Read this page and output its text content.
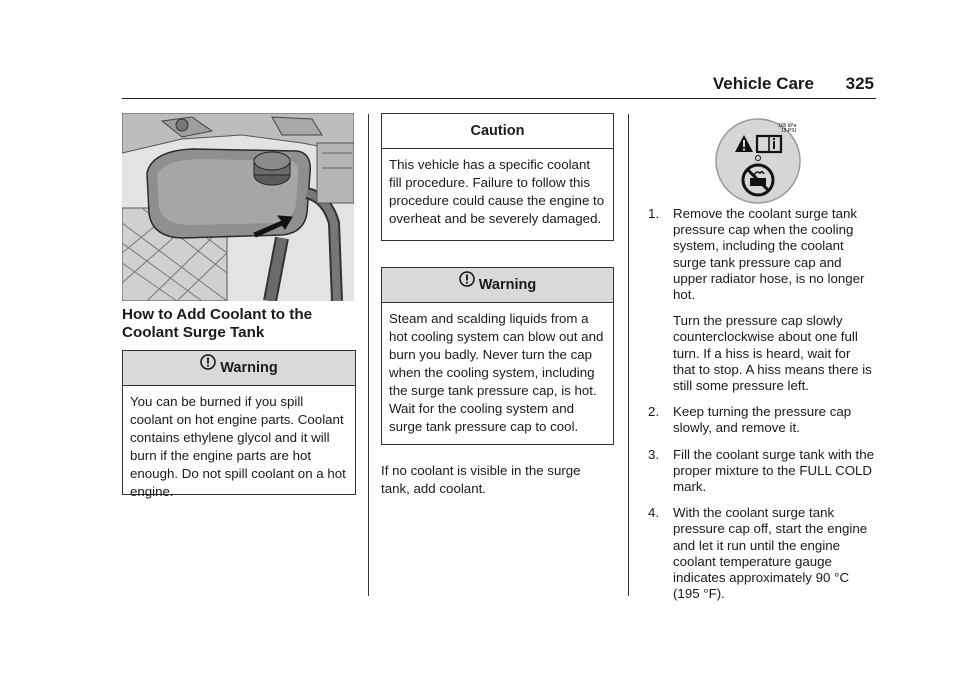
Vehicle Care 325
How to Add Coolant to the Coolant Surge Tank
Warning
You can be burned if you spill coolant on hot engine parts. Coolant contains ethylene glycol and it will burn if the engine parts are hot enough. Do not spill coolant on a hot engine.
Caution
This vehicle has a specific coolant fill procedure. Failure to follow this procedure could cause the engine to overheat and be severely damaged.
Warning
Steam and scalding liquids from a hot cooling system can blow out and burn you badly. Never turn the cap when the cooling system, including the surge tank pressure cap, is hot. Wait for the cooling system and surge tank pressure cap to cool.

If no coolant is visible in the surge tank, add coolant.

105 kPa
15 PSI
1. Remove the coolant surge tank pressure cap when the cooling system, including the coolant surge tank pressure cap and upper radiator hose, is no longer hot.

Turn the pressure cap slowly counterclockwise about one full turn. If a hiss is heard, wait for that to stop. A hiss means there is still some pressure left.

2. Keep turning the pressure cap slowly, and remove it.

3. Fill the coolant surge tank with the proper mixture to the FULL COLD mark.

4. With the coolant surge tank pressure cap off, start the engine and let it run until the engine coolant temperature gauge indicates approximately 90 °C (195 °F).
